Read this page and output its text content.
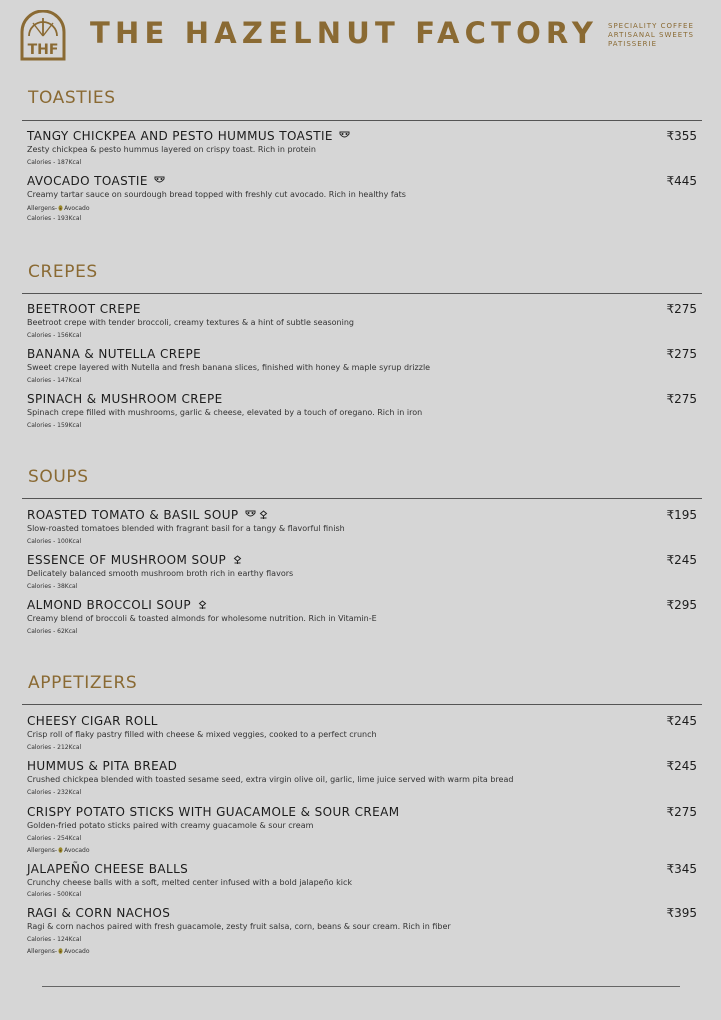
THF THE HAZELNUT FACTORY SPECIALITY COFFEE
ARTISANAL SWEETS
PATISSERIE
TOASTIES
TANGY CHICKPEA AND PESTO HUMMUS TOASTIE	₹355
Zesty chickpea & pesto hummus layered on crispy toast. Rich in protein
Calories - 187Kcal
AVOCADO TOASTIE	₹445
Creamy tartar sauce on sourdough bread topped with freshly cut avocado. Rich in healthy fats
Allergens- Avocado
Calories - 193Kcal
CREPES
BEETROOT CREPE	₹275
Beetroot crepe with tender broccoli, creamy textures & a hint of subtle seasoning
Calories - 156Kcal
BANANA & NUTELLA CREPE	₹275
Sweet crepe layered with Nutella and fresh banana slices, finished with honey & maple syrup drizzle
Calories - 147Kcal
SPINACH & MUSHROOM CREPE	₹275
Spinach crepe filled with mushrooms, garlic & cheese, elevated by a touch of oregano. Rich in iron
Calories - 159Kcal
SOUPS
ROASTED TOMATO & BASIL SOUP	₹195
Slow-roasted tomatoes blended with fragrant basil for a tangy & flavorful finish
Calories - 100Kcal
ESSENCE OF MUSHROOM SOUP	₹245
Delicately balanced smooth mushroom broth rich in earthy flavors
Calories - 38Kcal
ALMOND BROCCOLI SOUP	₹295
Creamy blend of broccoli & toasted almonds for wholesome nutrition. Rich in Vitamin-E
Calories - 62Kcal
APPETIZERS
CHEESY CIGAR ROLL	₹245
Crisp roll of flaky pastry filled with cheese & mixed veggies, cooked to a perfect crunch
Calories - 212Kcal
HUMMUS & PITA BREAD	₹245
Crushed chickpea blended with toasted sesame seed, extra virgin olive oil, garlic, lime juice served with warm pita bread
Calories - 232Kcal
CRISPY POTATO STICKS WITH GUACAMOLE & SOUR CREAM	₹275
Golden-fried potato sticks paired with creamy guacamole & sour cream
Allergens- Avocado
Calories - 254Kcal
JALAPEÑO CHEESE BALLS	₹345
Crunchy cheese balls with a soft, melted center infused with a bold jalapeño kick
Calories - 500Kcal
RAGI & CORN NACHOS	₹395
Ragi & corn nachos paired with fresh guacamole, zesty fruit salsa, corn, beans & sour cream. Rich in fiber
Allergens- Avocado
Calories - 124Kcal
